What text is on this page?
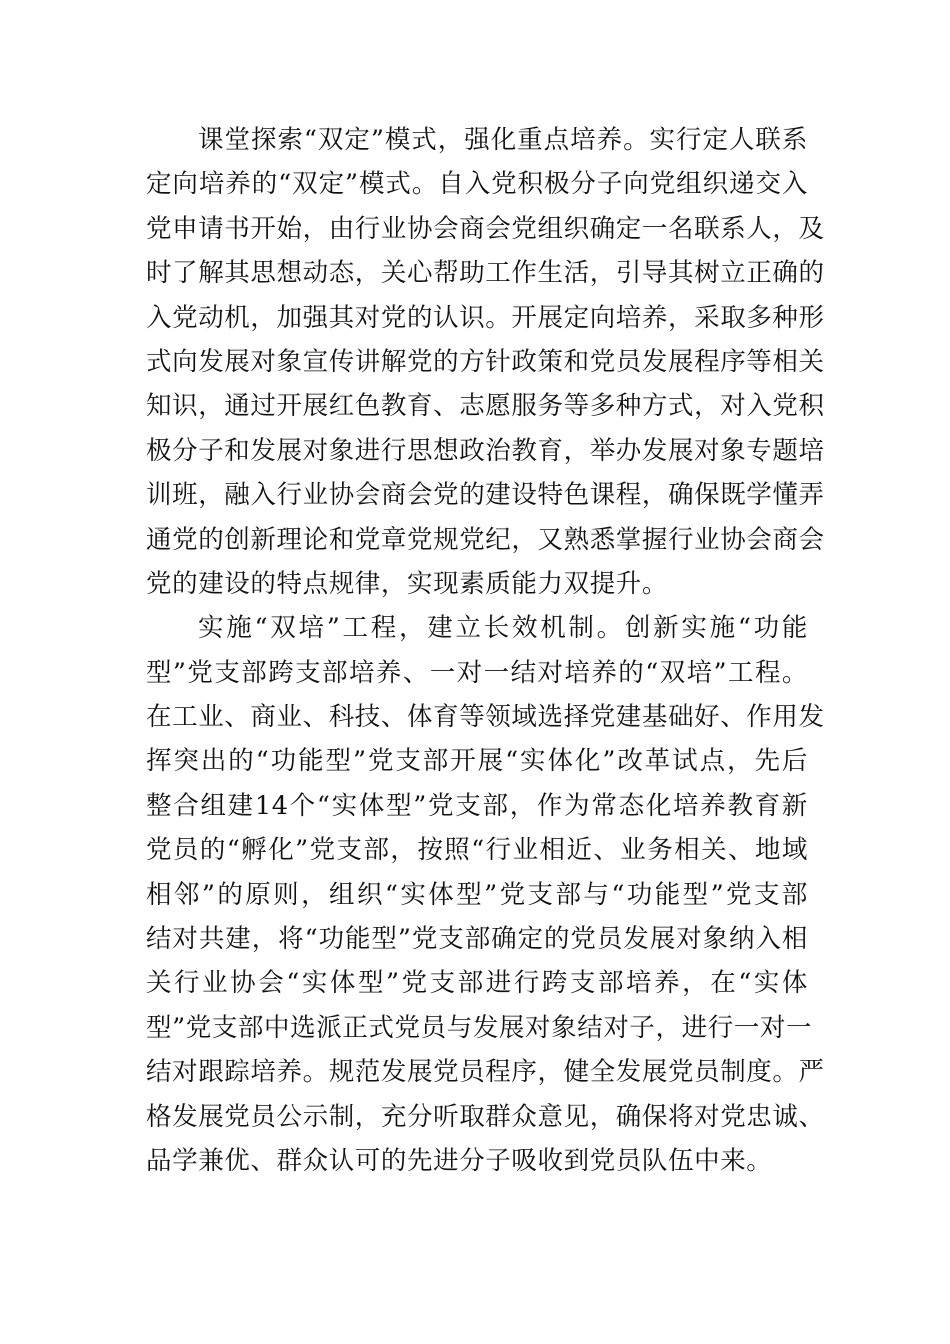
课堂探索“双定”模式，强化重点培养。实行定人联系
定向培养的“双定”模式。自入党积极分子向党组织递交入
党申请书开始，由行业协会商会党组织确定一名联系人，及
时了解其思想动态，关心帮助工作生活，引导其树立正确的
入党动机，加强其对党的认识。开展定向培养，采取多种形
式向发展对象宣传讲解党的方针政策和党员发展程序等相关
知识，通过开展红色教育、志愿服务等多种方式，对入党积
极分子和发展对象进行思想政治教育，举办发展对象专题培
训班，融入行业协会商会党的建设特色课程，确保既学懂弄
通党的创新理论和党章党规党纪，又熟悉掌握行业协会商会
党的建设的特点规律，实现素质能力双提升。
实施“双培”工程，建立长效机制。创新实施“功能
型”党支部跨支部培养、一对一结对培养的“双培”工程。
在工业、商业、科技、体育等领域选择党建基础好、作用发
挥突出的“功能型”党支部开展“实体化”改革试点，先后
整合组建14个“实体型”党支部，作为常态化培养教育新
党员的“孵化”党支部，按照“行业相近、业务相关、地域
相邻”的原则，组织“实体型”党支部与“功能型”党支部
结对共建，将“功能型”党支部确定的党员发展对象纳入相
关行业协会“实体型”党支部进行跨支部培养，在“实体
型”党支部中选派正式党员与发展对象结对子，进行一对一
结对跟踪培养。规范发展党员程序，健全发展党员制度。严
格发展党员公示制，充分听取群众意见，确保将对党忠诚、
品学兼优、群众认可的先进分子吸收到党员队伍中来。
